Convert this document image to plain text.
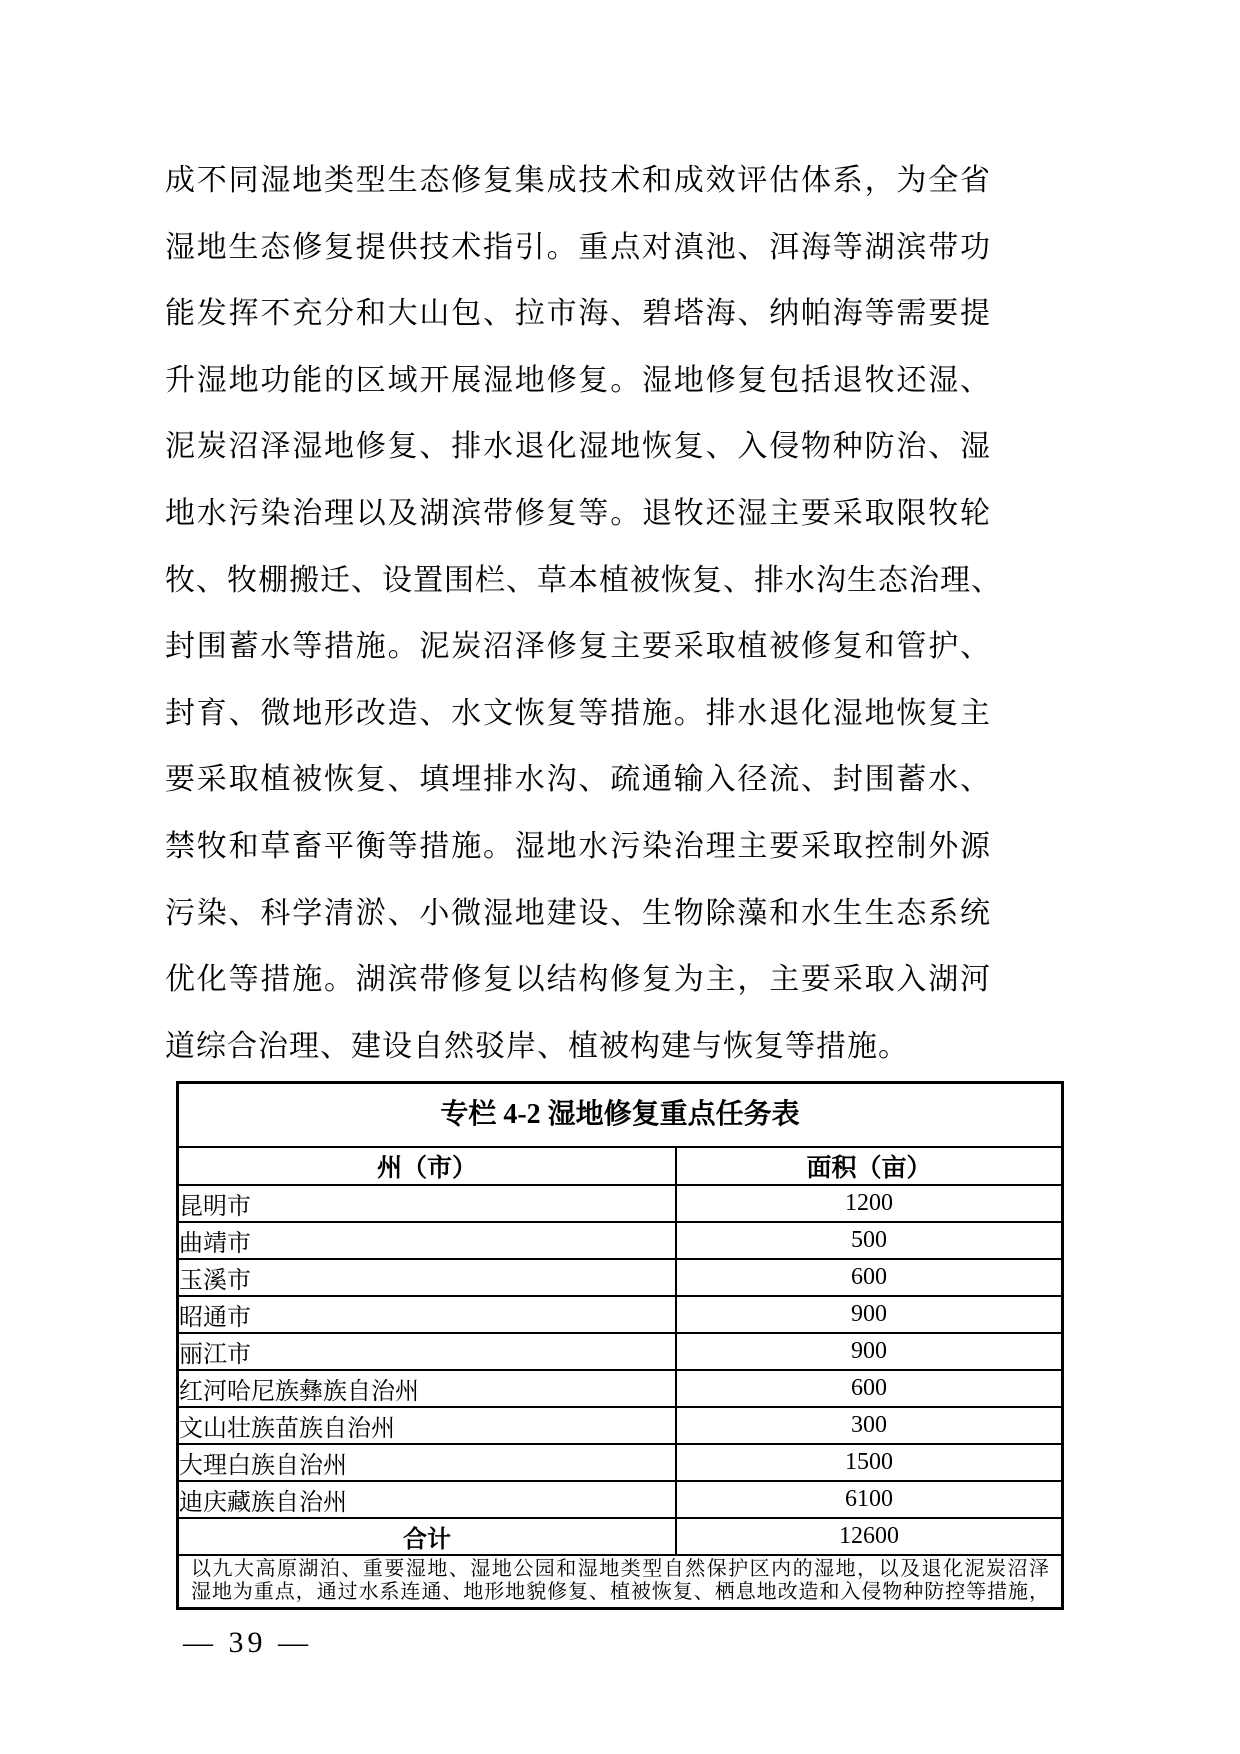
成不同湿地类型生态修复集成技术和成效评估体系，为全省
湿地生态修复提供技术指引。重点对滇池、洱海等湖滨带功
能发挥不充分和大山包、拉市海、碧塔海、纳帕海等需要提
升湿地功能的区域开展湿地修复。湿地修复包括退牧还湿、
泥炭沼泽湿地修复、排水退化湿地恢复、入侵物种防治、湿
地水污染治理以及湖滨带修复等。退牧还湿主要采取限牧轮
牧、牧棚搬迁、设置围栏、草本植被恢复、排水沟生态治理、
封围蓄水等措施。泥炭沼泽修复主要采取植被修复和管护、
封育、微地形改造、水文恢复等措施。排水退化湿地恢复主
要采取植被恢复、填埋排水沟、疏通输入径流、封围蓄水、
禁牧和草畜平衡等措施。湿地水污染治理主要采取控制外源
污染、科学清淤、小微湿地建设、生物除藻和水生生态系统
优化等措施。湖滨带修复以结构修复为主，主要采取入湖河
道综合治理、建设自然驳岸、植被构建与恢复等措施。
专栏 4-2 湿地修复重点任务表
州（市）	面积（亩）
昆明市	1200
曲靖市	500
玉溪市	600
昭通市	900
丽江市	900
红河哈尼族彝族自治州	600
文山壮族苗族自治州	300
大理白族自治州	1500
迪庆藏族自治州	6100
合计	12600
以九大高原湖泊、重要湿地、湿地公园和湿地类型自然保护区内的湿地，以及退化泥炭沼泽
湿地为重点，通过水系连通、地形地貌修复、植被恢复、栖息地改造和入侵物种防控等措施，
— 39 —
